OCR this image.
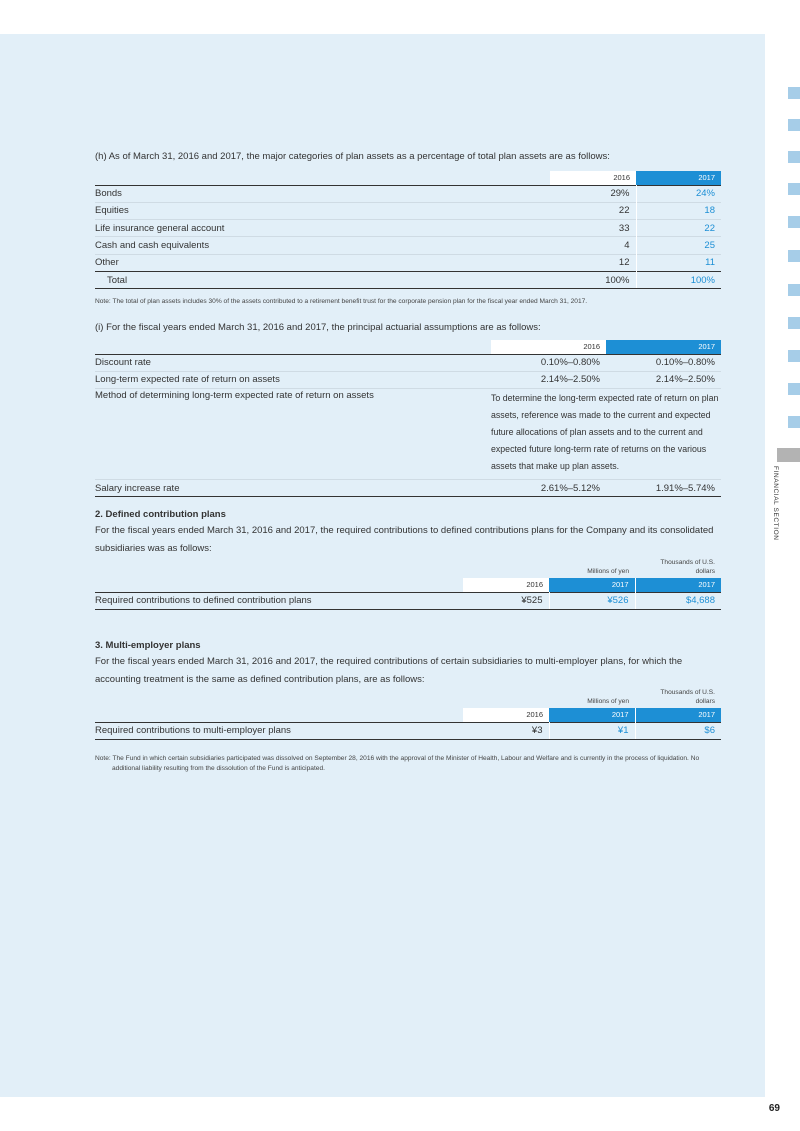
FINANCIAL SECTION
(h) As of March 31, 2016 and 2017, the major categories of plan assets as a percentage of total plan assets are as follows:
	2016	2017
Bonds	29%	24%
Equities	22	18
Life insurance general account	33	22
Cash and cash equivalents	4	25
Other	12	11
Total	100%	100%
Note: The total of plan assets includes 30% of the assets contributed to a retirement benefit trust for the corporate pension plan for the fiscal year ended March 31, 2017.
(i) For the fiscal years ended March 31, 2016 and 2017, the principal actuarial assumptions are as follows:
	2016	2017
Discount rate	0.10%–0.80%	0.10%–0.80%
Long-term expected rate of return on assets	2.14%–2.50%	2.14%–2.50%
Method of determining long-term expected rate of return on assets	To determine the long-term expected rate of return on plan assets, reference was made to the current and expected future allocations of plan assets and to the current and expected future long-term rate of returns on the various assets that make up plan assets.	
Salary increase rate	2.61%–5.12%	1.91%–5.74%
2. Defined contribution plans
For the fiscal years ended March 31, 2016 and 2017, the required contributions to defined contributions plans for the Company and its consolidated subsidiaries was as follows:
	Millions of yen		Thousands of U.S. dollars
	2016	2017	2017
Required contributions to defined contribution plans	¥525	¥526	$4,688
3. Multi-employer plans
For the fiscal years ended March 31, 2016 and 2017, the required contributions of certain subsidiaries to multi-employer plans, for which the accounting treatment is the same as defined contribution plans, are as follows:
	Millions of yen		Thousands of U.S. dollars
	2016	2017	2017
Required contributions to multi-employer plans	¥3	¥1	$6
Note: The Fund in which certain subsidiaries participated was dissolved on September 28, 2016 with the approval of the Minister of Health, Labour and Welfare and is currently in the process of liquidation. No additional liability resulting from the dissolution of the Fund is anticipated.
69
